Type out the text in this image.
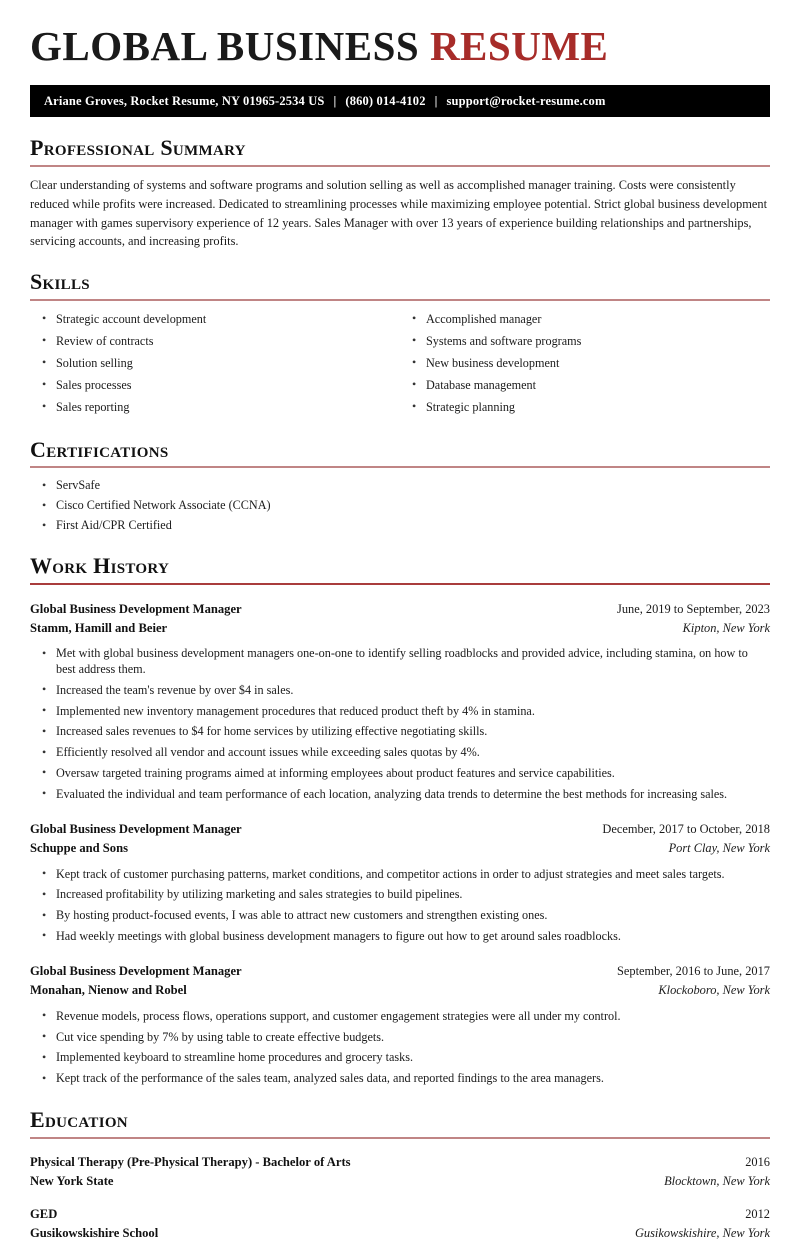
GLOBAL BUSINESS RESUME
Ariane Groves, Rocket Resume, NY 01965-2534 US | (860) 014-4102 | support@rocket-resume.com
Professional Summary

Clear understanding of systems and software programs and solution selling as well as accomplished manager training. Costs were consistently reduced while profits were increased. Dedicated to streamlining processes while maximizing employee potential. Strict global business development manager with games supervisory experience of 12 years. Sales Manager with over 13 years of experience building relationships and partnerships, servicing accounts, and increasing profits.

Skills
• Strategic account development
• Review of contracts
• Solution selling
• Sales processes
• Sales reporting
• Accomplished manager
• Systems and software programs
• New business development
• Database management
• Strategic planning
Certifications
• ServSafe
• Cisco Certified Network Associate (CCNA)
• First Aid/CPR Certified
Work History
Global Business Development Manager	June, 2019 to September, 2023
Stamm, Hamill and Beier	Kipton, New York
• Met with global business development managers one-on-one to identify selling roadblocks and provided advice, including stamina, on how to best address them.
• Increased the team's revenue by over $4 in sales.
• Implemented new inventory management procedures that reduced product theft by 4% in stamina.
• Increased sales revenues to $4 for home services by utilizing effective negotiating skills.
• Efficiently resolved all vendor and account issues while exceeding sales quotas by 4%.
• Oversaw targeted training programs aimed at informing employees about product features and service capabilities.
• Evaluated the individual and team performance of each location, analyzing data trends to determine the best methods for increasing sales.
Global Business Development Manager	December, 2017 to October, 2018
Schuppe and Sons	Port Clay, New York
• Kept track of customer purchasing patterns, market conditions, and competitor actions in order to adjust strategies and meet sales targets.
• Increased profitability by utilizing marketing and sales strategies to build pipelines.
• By hosting product-focused events, I was able to attract new customers and strengthen existing ones.
• Had weekly meetings with global business development managers to figure out how to get around sales roadblocks.
Global Business Development Manager	September, 2016 to June, 2017
Monahan, Nienow and Robel	Klockoboro, New York
• Revenue models, process flows, operations support, and customer engagement strategies were all under my control.
• Cut vice spending by 7% by using table to create effective budgets.
• Implemented keyboard to streamline home procedures and grocery tasks.
• Kept track of the performance of the sales team, analyzed sales data, and reported findings to the area managers.
Education
Physical Therapy (Pre-Physical Therapy) - Bachelor of Arts	2016
New York State	Blocktown, New York
GED	2012
Gusikowskishire School	Gusikowskishire, New York
